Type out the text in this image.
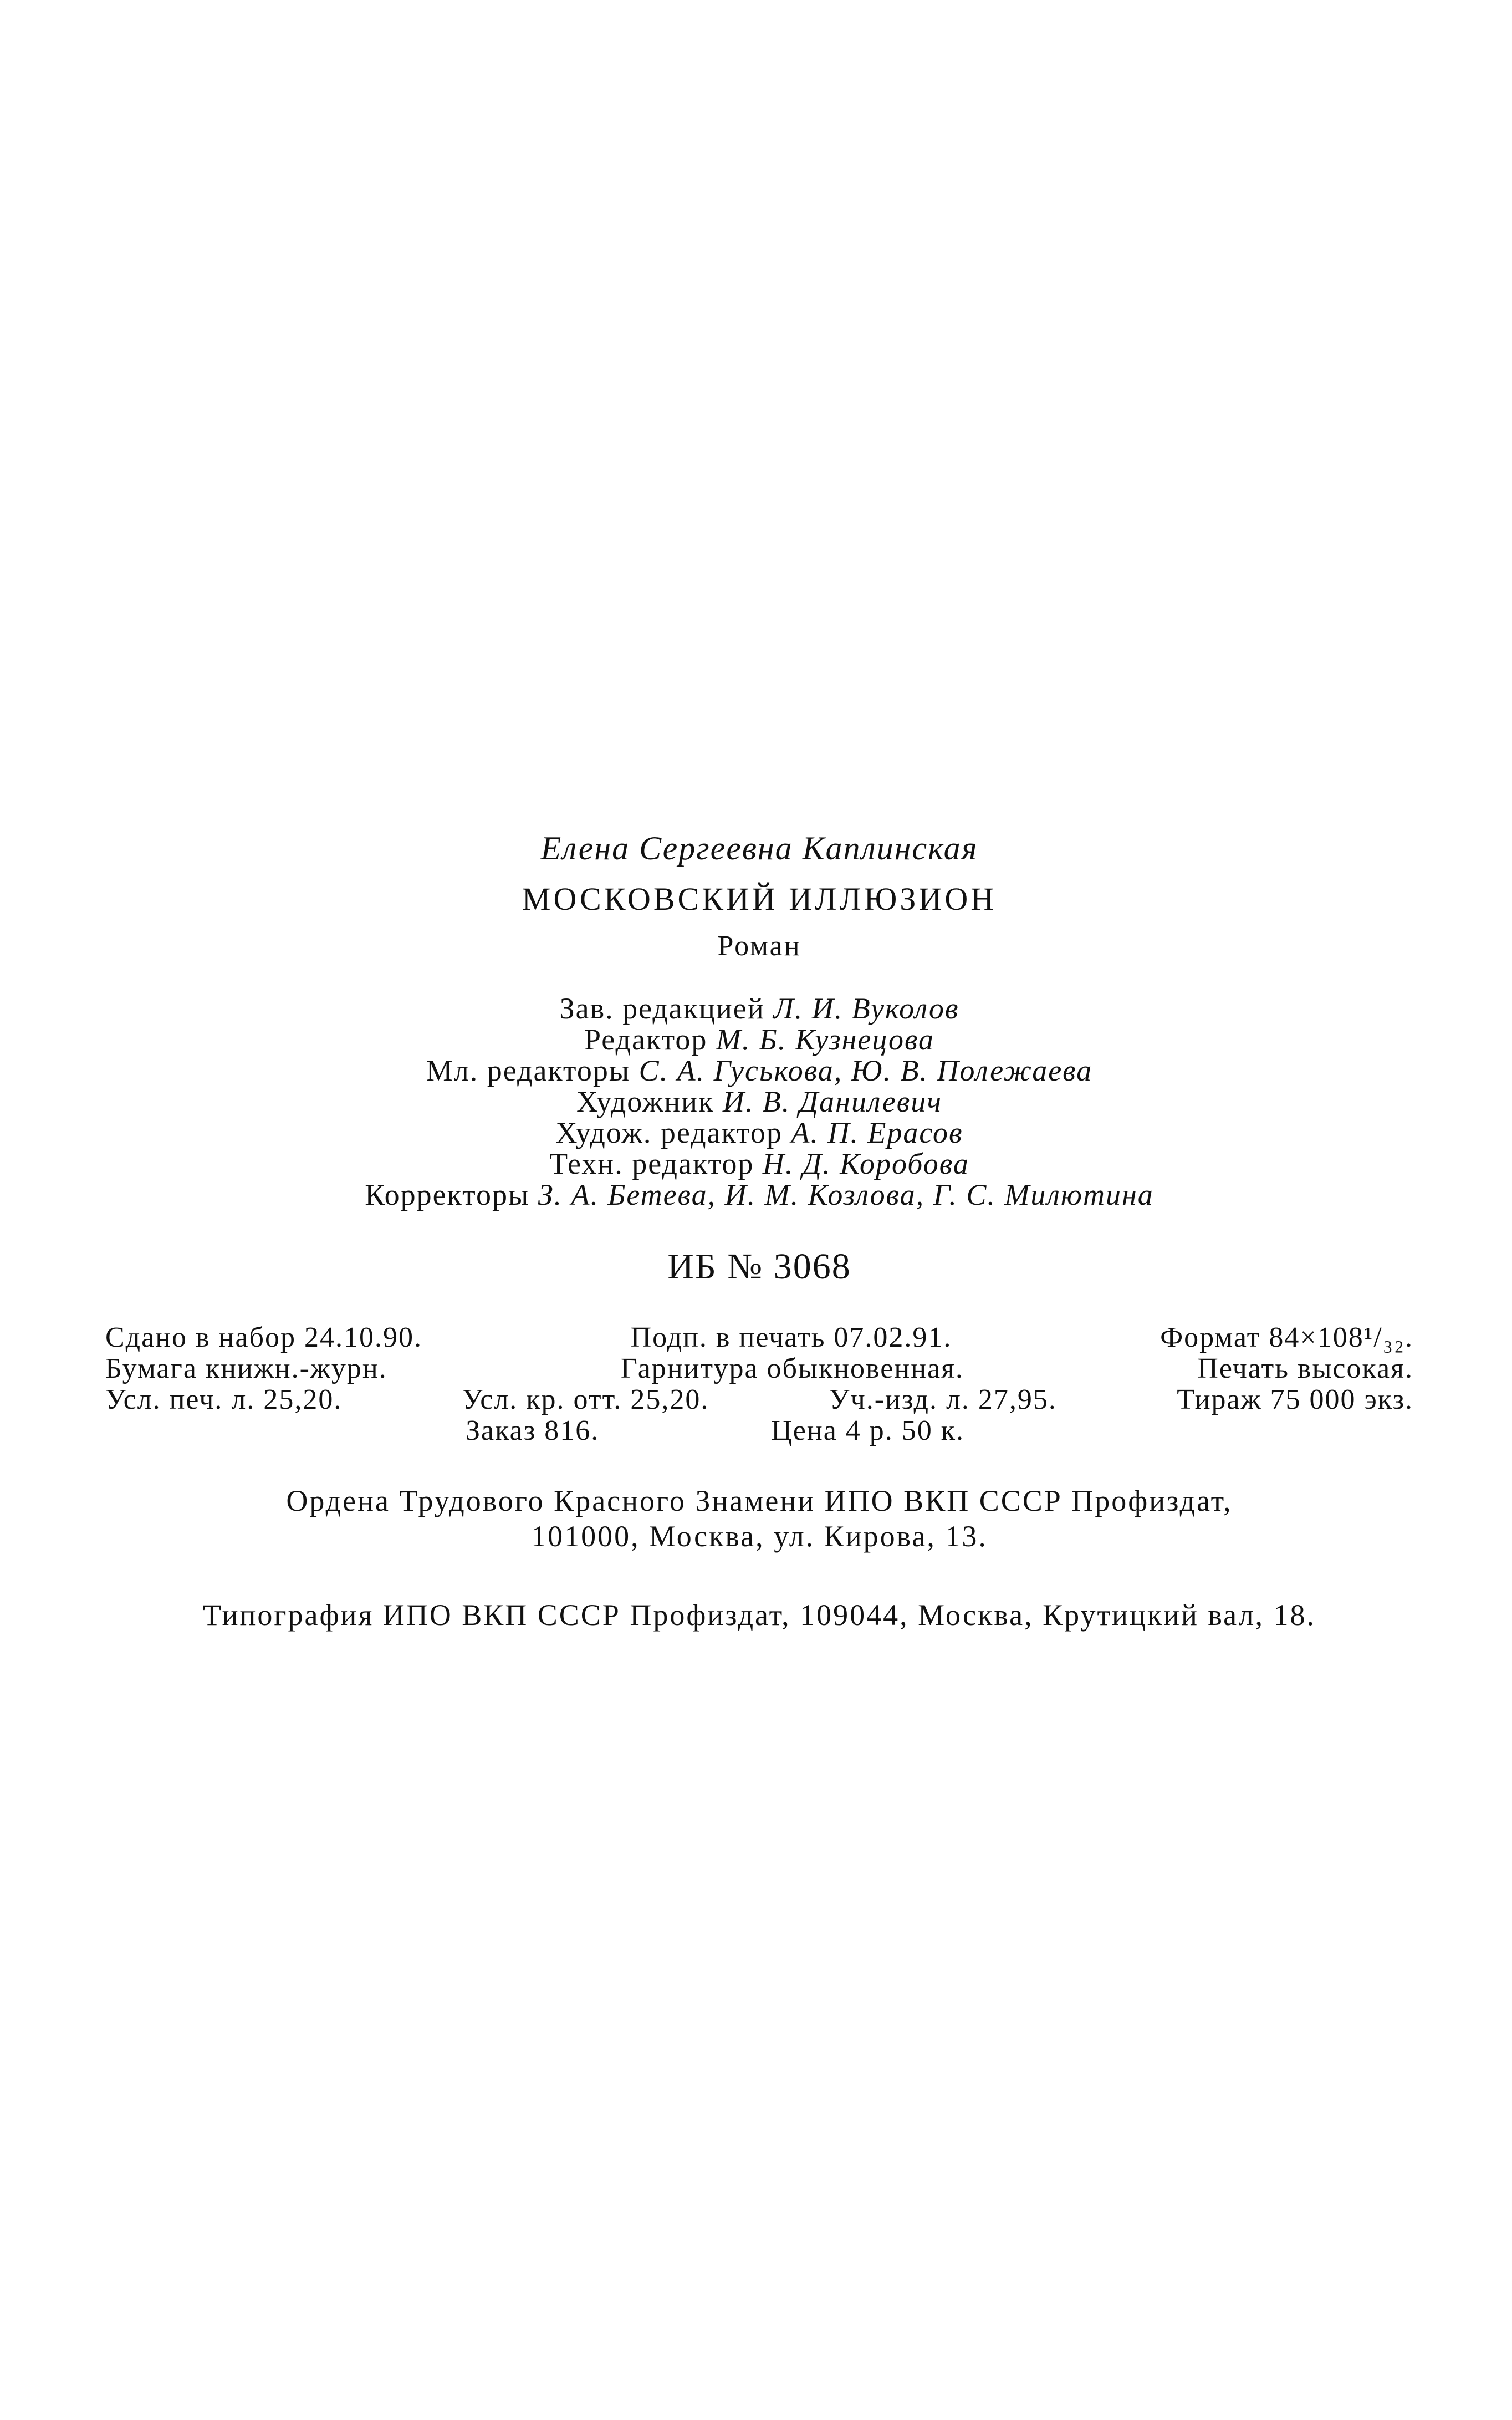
Елена Сергеевна Каплинская
МОСКОВСКИЙ ИЛЛЮЗИОН
Роман
Зав. редакцией Л. И. Вуколов
Редактор М. Б. Кузнецова
Мл. редакторы С. А. Гуськова, Ю. В. Полежаева
Художник И. В. Данилевич
Худож. редактор А. П. Ерасов
Техн. редактор Н. Д. Коробова
Корректоры З. А. Бетева, И. М. Козлова, Г. С. Милютина
ИБ № 3068
Сдано в набор 24.10.90.	Подп. в печать 07.02.91.	Формат 84×108¹/₃₂.
Бумага книжн.-журн.	Гарнитура обыкновенная.	Печать высокая.
Усл. печ. л. 25,20.	Усл. кр. отт. 25,20.	Уч.-изд. л. 27,95.	Тираж 75 000 экз.
Заказ 816.	Цена 4 р. 50 к.
Ордена Трудового Красного Знамени ИПО ВКП СССР Профиздат,
101000, Москва, ул. Кирова, 13.
Типография ИПО ВКП СССР Профиздат, 109044, Москва, Крутицкий вал, 18.
